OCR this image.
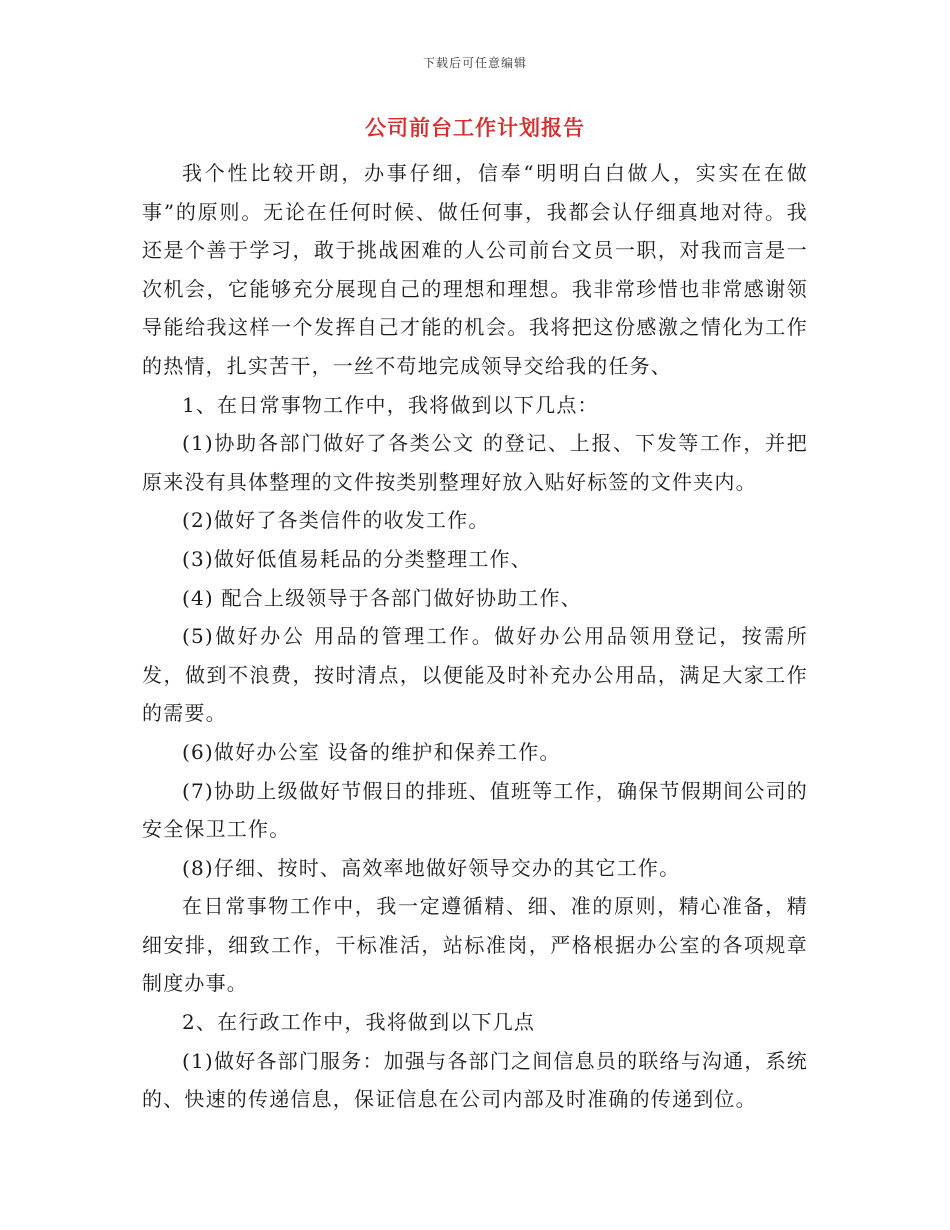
下载后可任意编辑
公司前台工作计划报告

我个性比较开朗，办事仔细，信奉“明明白白做人，实实在在做事”的原则。无论在任何时候、做任何事，我都会认仔细真地对待。我还是个善于学习，敢于挑战困难的人公司前台文员一职，对我而言是一次机会，它能够充分展现自己的理想和理想。我非常珍惜也非常感谢领导能给我这样一个发挥自己才能的机会。我将把这份感激之情化为工作的热情，扎实苦干，一丝不苟地完成领导交给我的任务、

1、在日常事物工作中，我将做到以下几点：

(1)协助各部门做好了各类公文 的登记、上报、下发等工作，并把原来没有具体整理的文件按类别整理好放入贴好标签的文件夹内。

(2)做好了各类信件的收发工作。

(3)做好低值易耗品的分类整理工作、

(4) 配合上级领导于各部门做好协助工作、

(5)做好办公 用品的管理工作。做好办公用品领用登记，按需所发，做到不浪费，按时清点，以便能及时补充办公用品，满足大家工作的需要。

(6)做好办公室 设备的维护和保养工作。

(7)协助上级做好节假日的排班、值班等工作，确保节假期间公司的安全保卫工作。

(8)仔细、按时、高效率地做好领导交办的其它工作。

在日常事物工作中，我一定遵循精、细、准的原则，精心准备，精细安排，细致工作，干标准活，站标准岗，严格根据办公室的各项规章制度办事。

2、在行政工作中，我将做到以下几点

(1)做好各部门服务：加强与各部门之间信息员的联络与沟通，系统的、快速的传递信息，保证信息在公司内部及时准确的传递到位。
